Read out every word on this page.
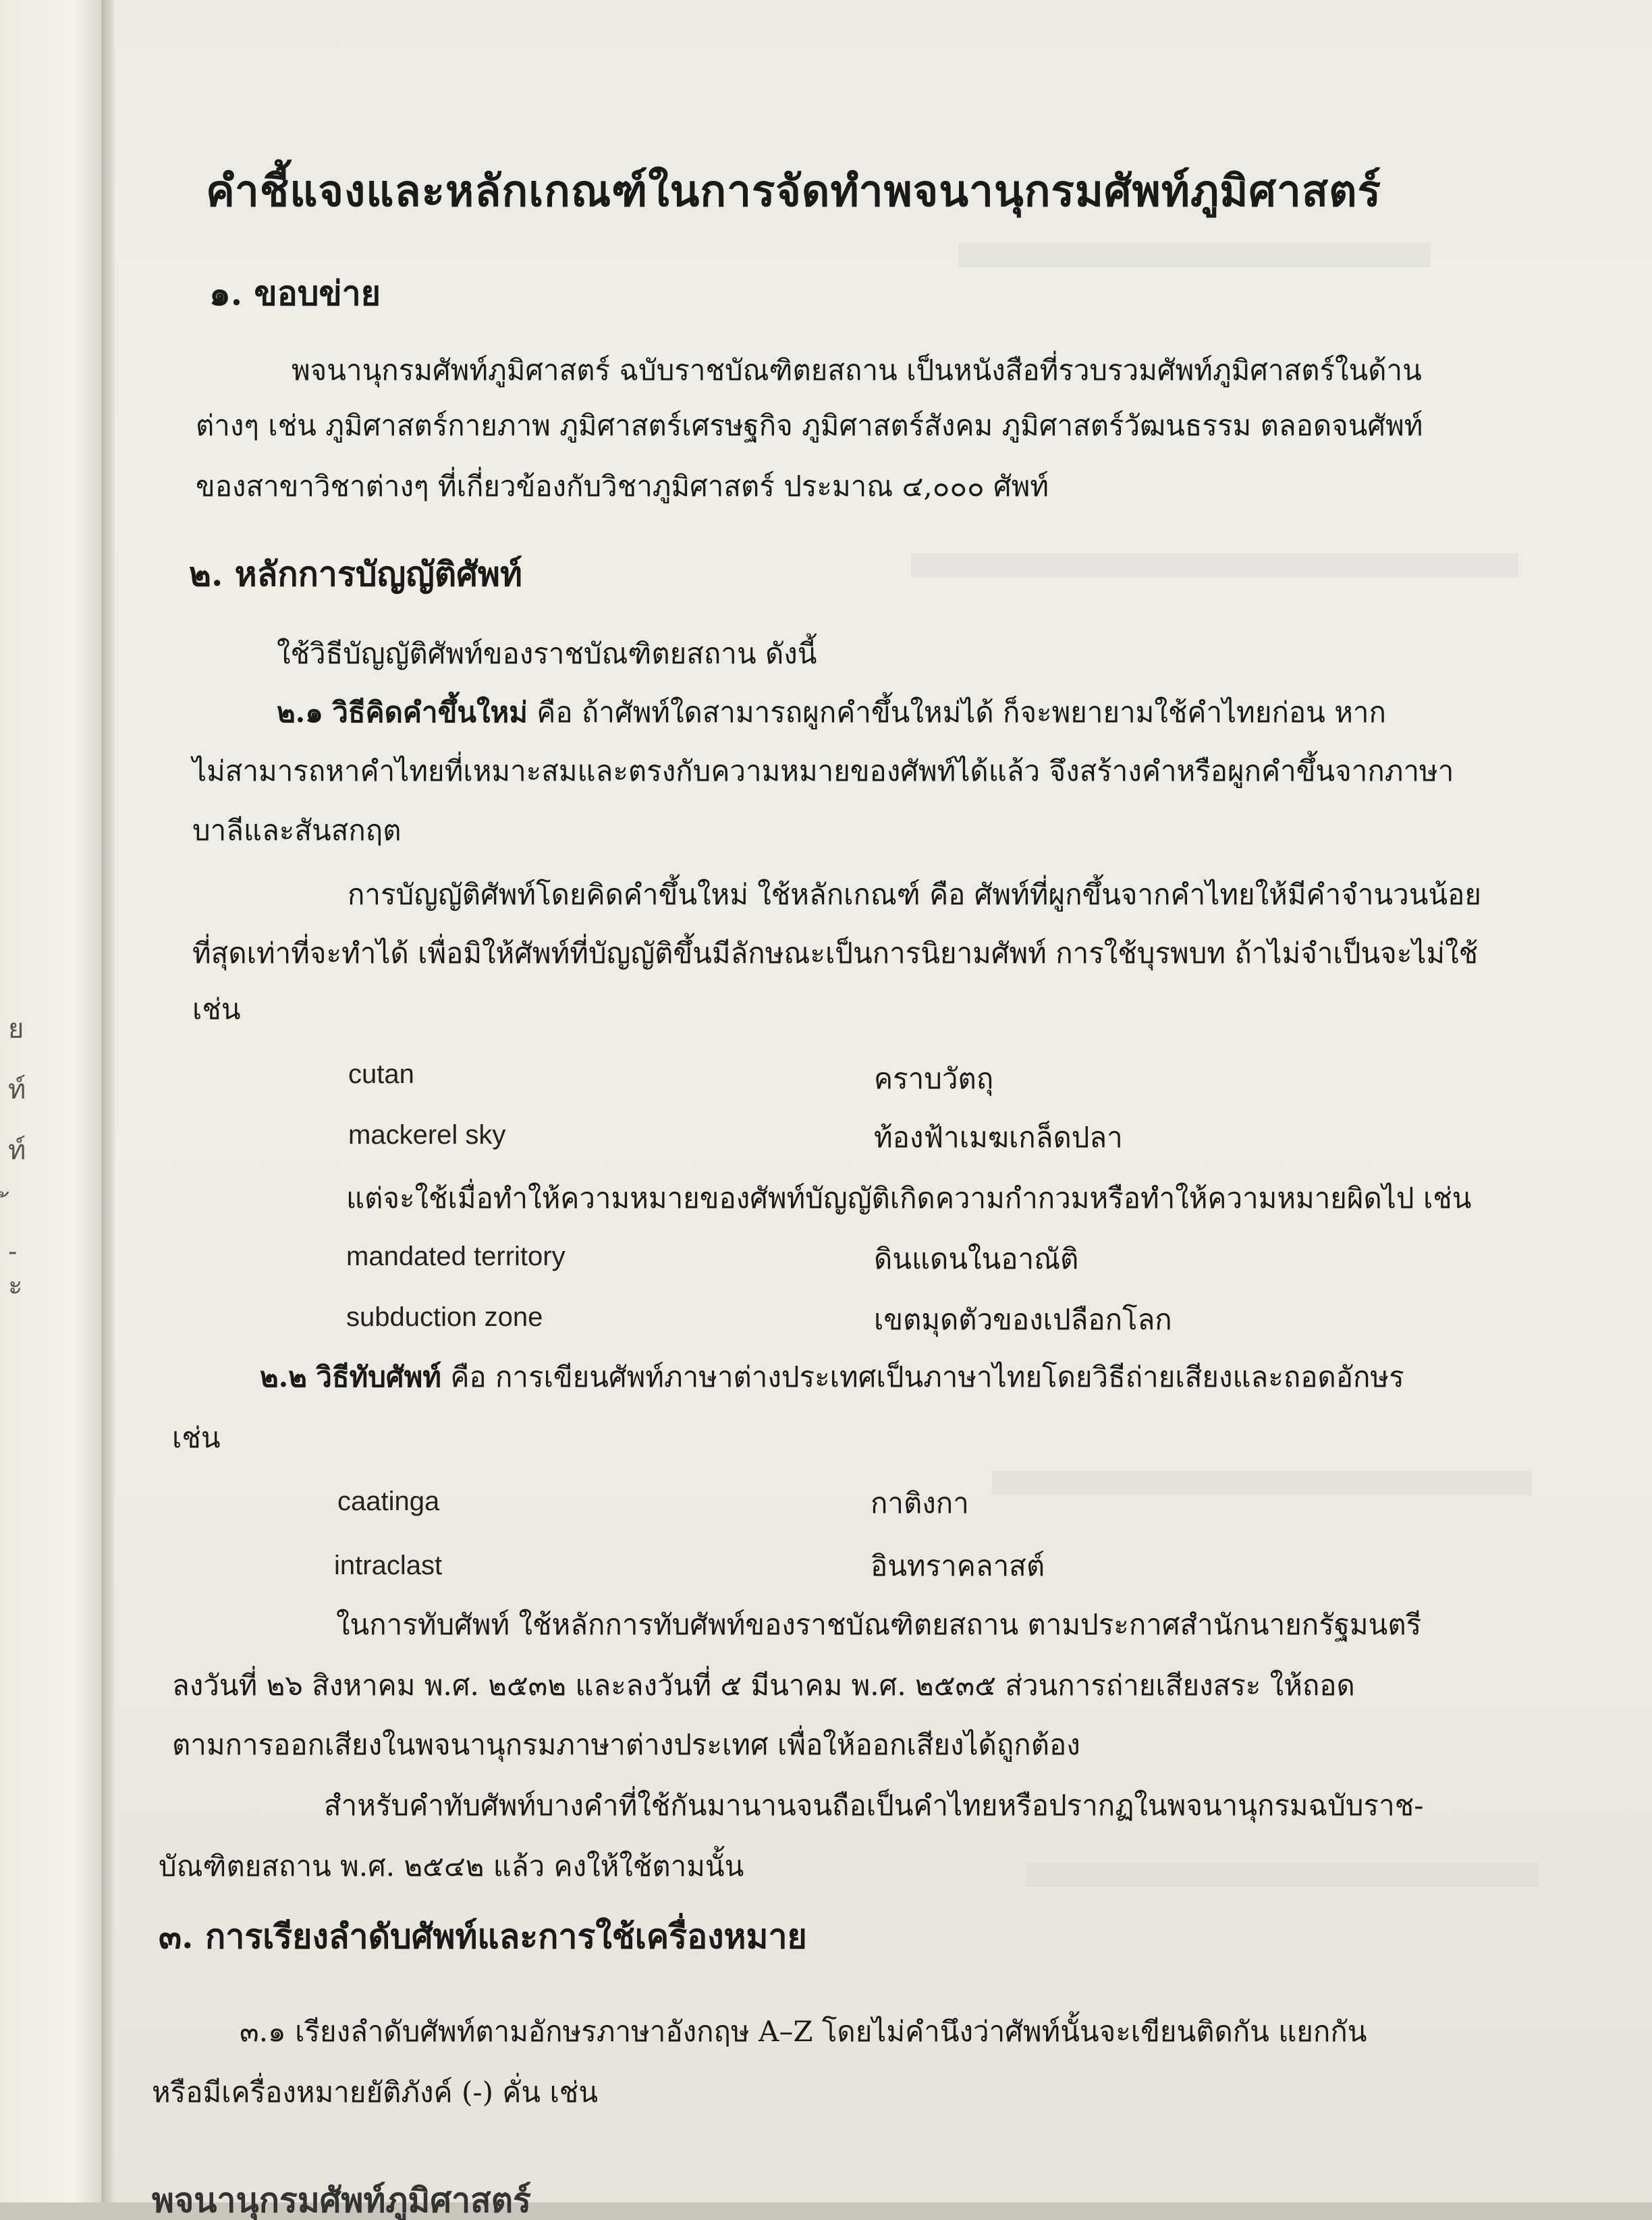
ย
ท์
ท์
-
ะ
คำชี้แจงและหลักเกณฑ์ในการจัดทำพจนานุกรมศัพท์ภูมิศาสตร์
๑. ขอบข่าย
พจนานุกรมศัพท์ภูมิศาสตร์ ฉบับราชบัณฑิตยสถาน เป็นหนังสือที่รวบรวมศัพท์ภูมิศาสตร์ในด้าน
ต่างๆ เช่น ภูมิศาสตร์กายภาพ ภูมิศาสตร์เศรษฐกิจ ภูมิศาสตร์สังคม ภูมิศาสตร์วัฒนธรรม ตลอดจนศัพท์
ของสาขาวิชาต่างๆ ที่เกี่ยวข้องกับวิชาภูมิศาสตร์ ประมาณ ๔,๐๐๐ ศัพท์
๒. หลักการบัญญัติศัพท์
ใช้วิธีบัญญัติศัพท์ของราชบัณฑิตยสถาน ดังนี้
๒.๑ วิธีคิดคำขึ้นใหม่ คือ ถ้าศัพท์ใดสามารถผูกคำขึ้นใหม่ได้ ก็จะพยายามใช้คำไทยก่อน หาก
ไม่สามารถหาคำไทยที่เหมาะสมและตรงกับความหมายของศัพท์ได้แล้ว จึงสร้างคำหรือผูกคำขึ้นจากภาษา
บาลีและสันสกฤต
การบัญญัติศัพท์โดยคิดคำขึ้นใหม่ ใช้หลักเกณฑ์ คือ ศัพท์ที่ผูกขึ้นจากคำไทยให้มีคำจำนวนน้อย
ที่สุดเท่าที่จะทำได้ เพื่อมิให้ศัพท์ที่บัญญัติขึ้นมีลักษณะเป็นการนิยามศัพท์ การใช้บุรพบท ถ้าไม่จำเป็นจะไม่ใช้
เช่น
cutan	คราบวัตถุ
mackerel sky	ท้องฟ้าเมฆเกล็ดปลา
แต่จะใช้เมื่อทำให้ความหมายของศัพท์บัญญัติเกิดความกำกวมหรือทำให้ความหมายผิดไป เช่น
mandated territory	ดินแดนในอาณัติ
subduction zone	เขตมุดตัวของเปลือกโลก
๒.๒ วิธีทับศัพท์ คือ การเขียนศัพท์ภาษาต่างประเทศเป็นภาษาไทยโดยวิธีถ่ายเสียงและถอดอักษร
เช่น
caatinga	กาติงกา
intraclast	อินทราคลาสต์
ในการทับศัพท์ ใช้หลักการทับศัพท์ของราชบัณฑิตยสถาน ตามประกาศสำนักนายกรัฐมนตรี
ลงวันที่ ๒๖ สิงหาคม พ.ศ. ๒๕๓๒ และลงวันที่ ๕ มีนาคม พ.ศ. ๒๕๓๕ ส่วนการถ่ายเสียงสระ ให้ถอด
ตามการออกเสียงในพจนานุกรมภาษาต่างประเทศ เพื่อให้ออกเสียงได้ถูกต้อง
สำหรับคำทับศัพท์บางคำที่ใช้กันมานานจนถือเป็นคำไทยหรือปรากฏในพจนานุกรมฉบับราช-
บัณฑิตยสถาน พ.ศ. ๒๕๔๒ แล้ว คงให้ใช้ตามนั้น
๓. การเรียงลำดับศัพท์และการใช้เครื่องหมาย
๓.๑ เรียงลำดับศัพท์ตามอักษรภาษาอังกฤษ A–Z โดยไม่คำนึงว่าศัพท์นั้นจะเขียนติดกัน แยกกัน
หรือมีเครื่องหมายยัติภังค์ (-) คั่น เช่น
พจนานุกรมศัพท์ภูมิศาสตร์
